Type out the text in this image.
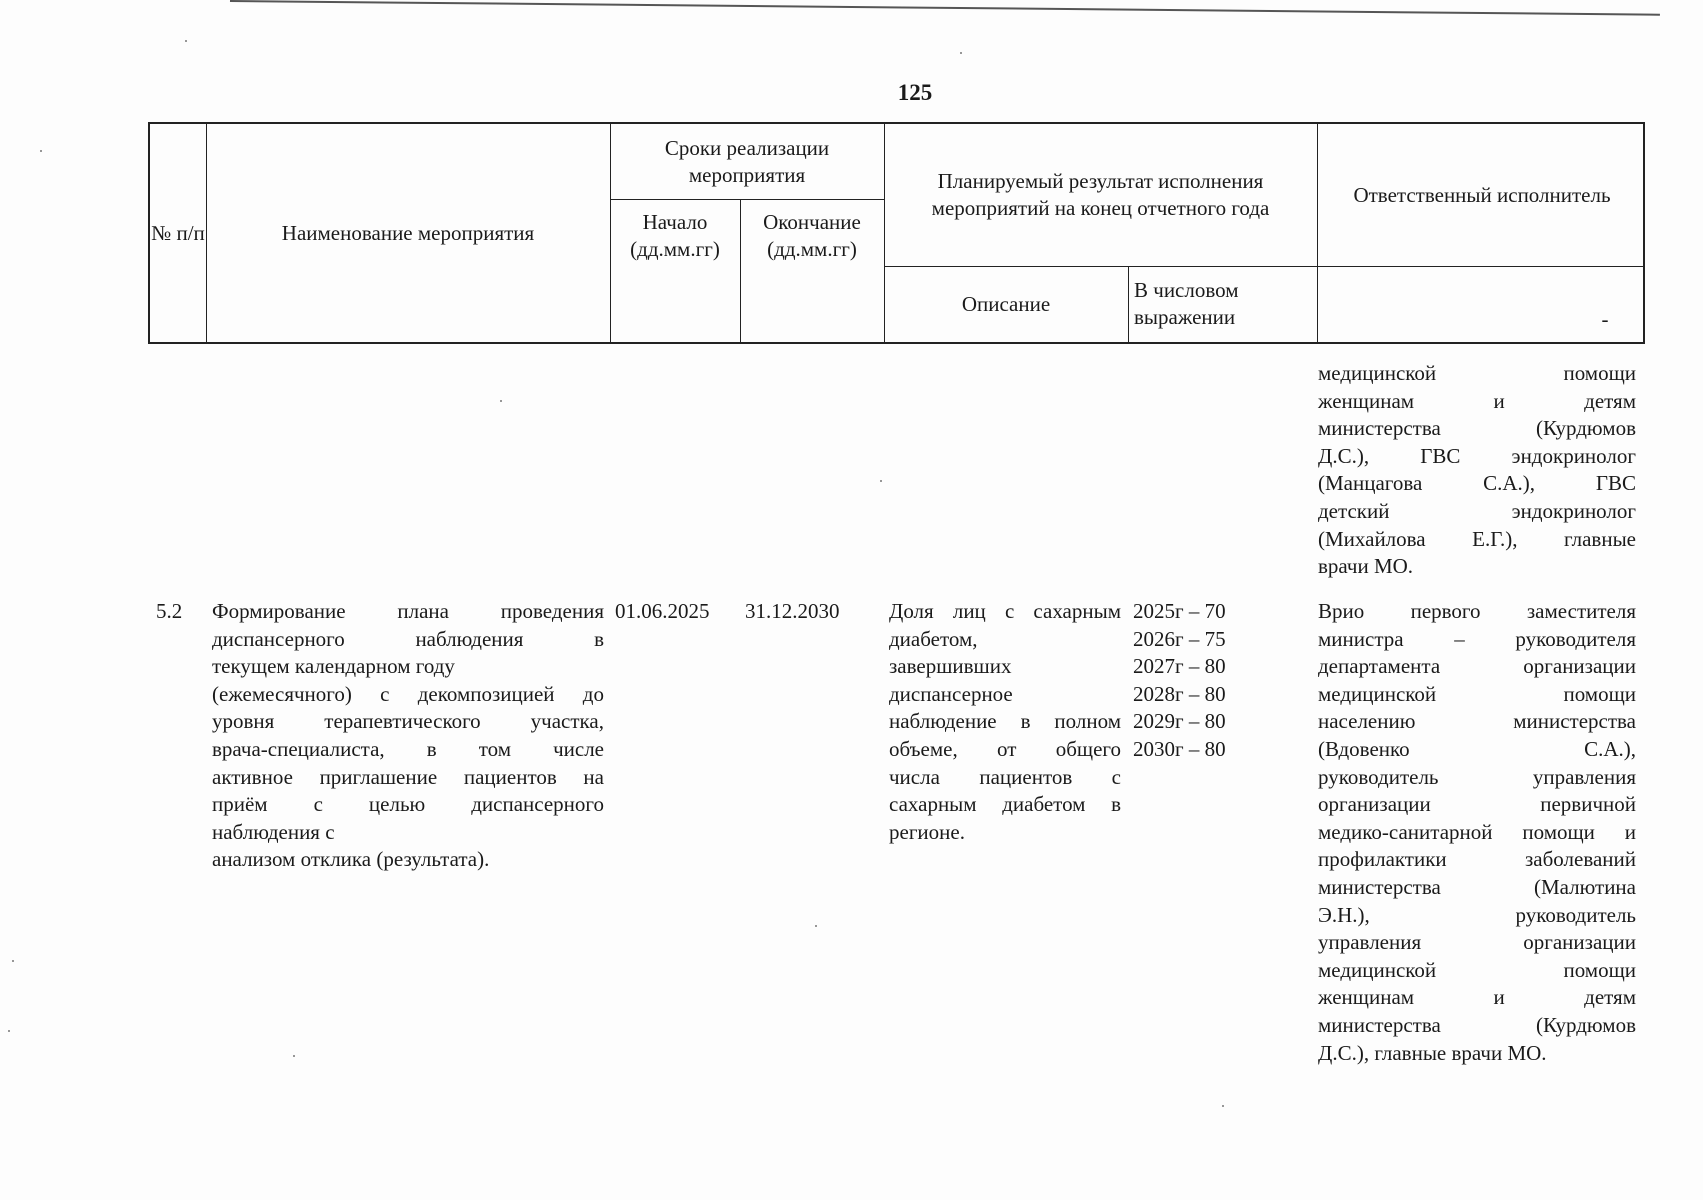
125
№ п/п	Наименование мероприятия
Сроки реализации мероприятия
Начало (дд.мм.гг)
Окончание (дд.мм.гг)
Планируемый результат исполнения мероприятий на конец отчетного года
Описание
В числовом выражении
Ответственный исполнитель
-
медицинской помощи
женщинам и детям
министерства (Курдюмов
Д.С.), ГВС эндокринолог
(Манцагова С.А.), ГВС
детский эндокринолог
(Михайлова Е.Г.), главные
врачи МО.
5.2 Формирование плана проведения
диспансерного наблюдения в
текущем календарном году
(ежемесячного) с декомпозицией до
уровня терапевтического участка,
врача-специалиста, в том числе
активное приглашение пациентов на
приём с целью диспансерного
наблюдения с
анализом отклика (результата).
01.06.2025 31.12.2030 Доля лиц с сахарным
диабетом,
завершивших
диспансерное
наблюдение в полном
объеме, от общего
числа пациентов с
сахарным диабетом в
регионе.
2025г – 70
2026г – 75
2027г – 80
2028г – 80
2029г – 80
2030г – 80
Врио первого заместителя
министра – руководителя
департамента организации
медицинской помощи
населению министерства
(Вдовенко С.А.),
руководитель управления
организации первичной
медико-санитарной помощи и
профилактики заболеваний
министерства (Малютина
Э.Н.), руководитель
управления организации
медицинской помощи
женщинам и детям
министерства (Курдюмов
Д.С.), главные врачи МО.
